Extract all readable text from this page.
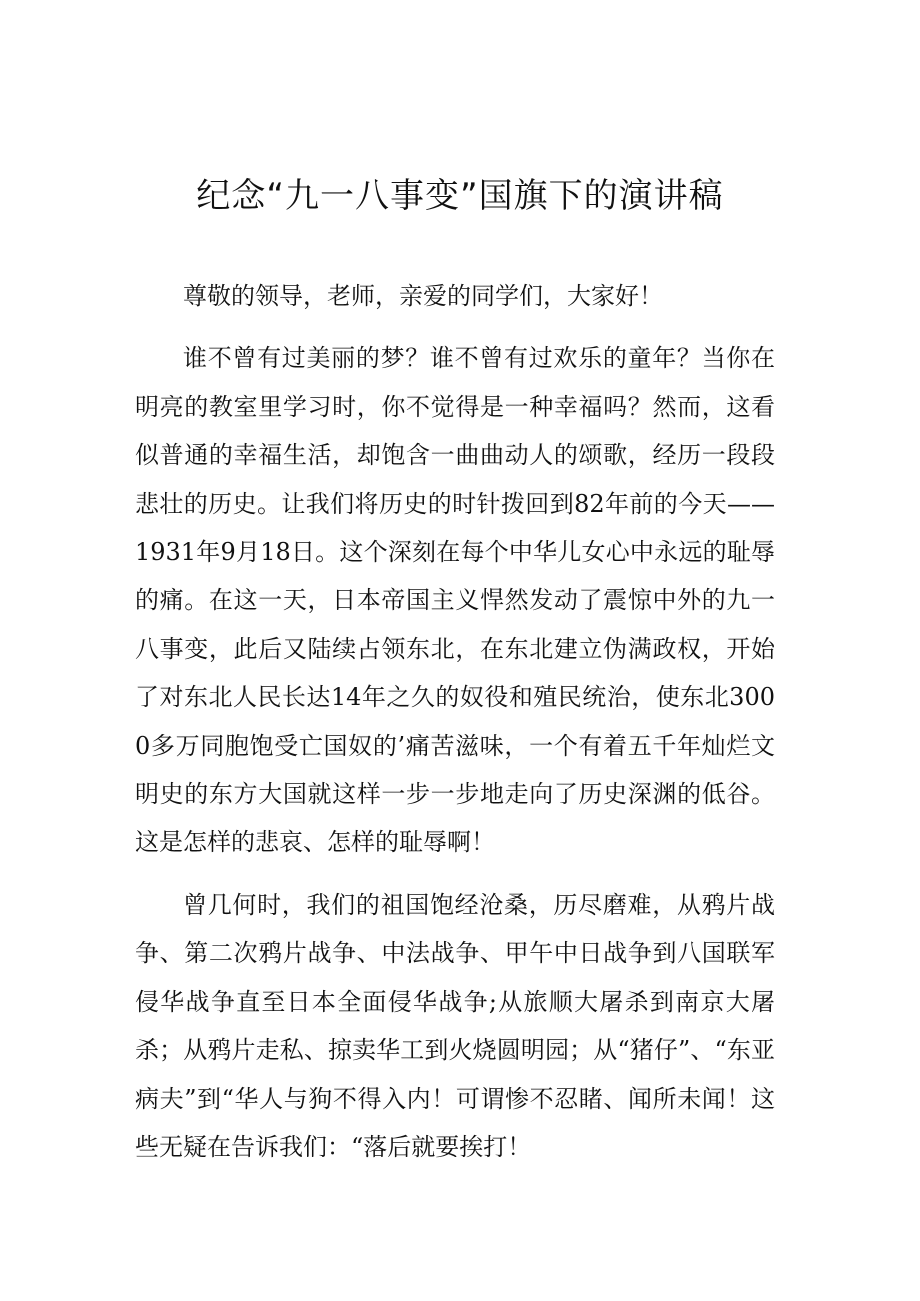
纪念“九一八事变”国旗下的演讲稿

尊敬的领导，老师，亲爱的同学们，大家好！

谁不曾有过美丽的梦？谁不曾有过欢乐的童年？当你在明亮的教室里学习时，你不觉得是一种幸福吗？然而，这看似普通的幸福生活，却饱含一曲曲动人的颂歌，经历一段段悲壮的历史。让我们将历史的时针拨回到82年前的今天——1931年9月18日。这个深刻在每个中华儿女心中永远的耻辱的痛。在这一天，日本帝国主义悍然发动了震惊中外的九一八事变，此后又陆续占领东北，在东北建立伪满政权，开始了对东北人民长达14年之久的奴役和殖民统治，使东北3000多万同胞饱受亡国奴的’痛苦滋味，一个有着五千年灿烂文明史的东方大国就这样一步一步地走向了历史深渊的低谷。这是怎样的悲哀、怎样的耻辱啊！

曾几何时，我们的祖国饱经沧桑，历尽磨难，从鸦片战争、第二次鸦片战争、中法战争、甲午中日战争到八国联军侵华战争直至日本全面侵华战争;从旅顺大屠杀到南京大屠杀；从鸦片走私、掠卖华工到火烧圆明园；从“猪仔”、“东亚病夫”到“华人与狗不得入内！可谓惨不忍睹、闻所未闻！这些无疑在告诉我们：“落后就要挨打！
